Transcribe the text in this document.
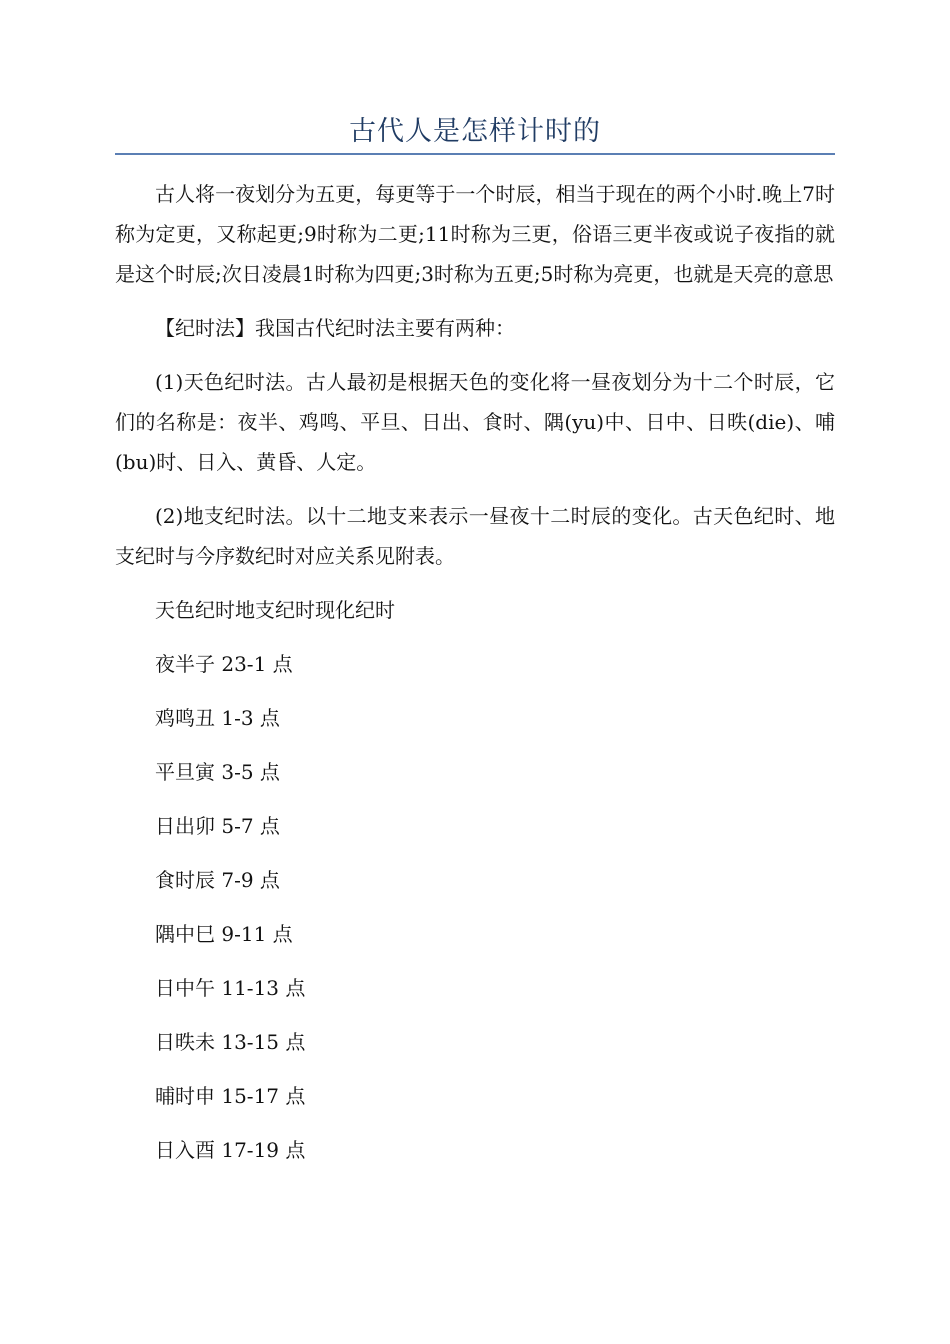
古代人是怎样计时的

古人将一夜划分为五更，每更等于一个时辰，相当于现在的两个小时.晚上7时称为定更，又称起更;9时称为二更;11时称为三更，俗语三更半夜或说子夜指的就是这个时辰;次日凌晨1时称为四更;3时称为五更;5时称为亮更，也就是天亮的意思

【纪时法】我国古代纪时法主要有两种：

(1)天色纪时法。古人最初是根据天色的变化将一昼夜划分为十二个时辰，它们的名称是：夜半、鸡鸣、平旦、日出、食时、隅(yu)中、日中、日昳(die)、哺(bu)时、日入、黄昏、人定。

(2)地支纪时法。以十二地支来表示一昼夜十二时辰的变化。古天色纪时、地支纪时与今序数纪时对应关系见附表。

天色纪时地支纪时现化纪时

夜半子 23-1 点

鸡鸣丑 1-3 点

平旦寅 3-5 点

日出卯 5-7 点

食时辰 7-9 点

隅中巳 9-11 点

日中午 11-13 点

日昳未 13-15 点

晡时申 15-17 点

日入酉 17-19 点
